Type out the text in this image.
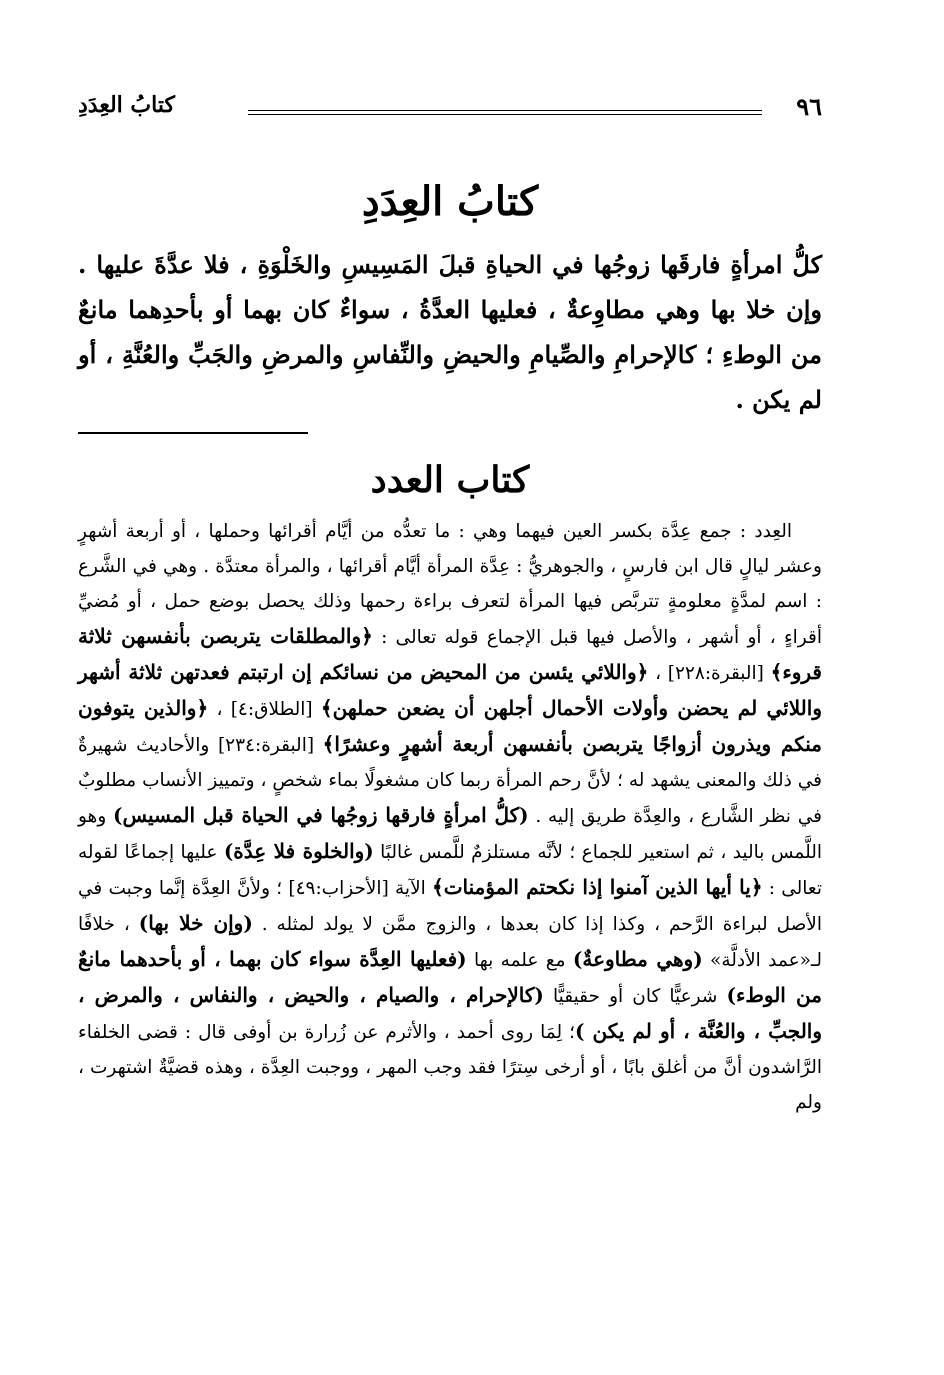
٩٦
كتابُ العِدَدِ
كتابُ العِدَدِ

كلُّ امرأةٍ فارقَها زوجُها في الحياةِ قبلَ المَسِيسِ والخَلْوَةِ ، فلا عدَّةَ عليها . وإن خلا بها وهي مطاوِعةٌ ، فعليها العدَّةُ ، سواءٌ كان بهما أو بأحدِهما مانعٌ من الوطءِ ؛ كالإحرامِ والصِّيامِ والحيضِ والنِّفاسِ والمرضِ والجَبِّ والعُنَّةِ ، أو لم يكن .

كتاب العدد

العِدد : جمع عِدَّة بكسر العين فيهما وهي : ما تعدُّه من أيَّام أقرائها وحملها ، أو أربعة أشهرٍ وعشر ليالٍ قال ابن فارسٍ ، والجوهريُّ : عِدَّة المرأة أيَّام أقرائها ، والمرأة معتدَّة . وهي في الشَّرع : اسم لمدَّةٍ معلومةٍ تتربَّص فيها المرأة لتعرف براءة رحمها وذلك يحصل بوضع حمل ، أو مُضيِّ أقراءٍ ، أو أشهر ، والأصل فيها قبل الإجماع قوله تعالى : ﴿والمطلقات يتربصن بأنفسهن ثلاثة قروء﴾ [البقرة:٢٢٨] ، ﴿واللائي يئسن من المحيض من نسائكم إن ارتبتم فعدتهن ثلاثة أشهر واللائي لم يحضن وأولات الأحمال أجلهن أن يضعن حملهن﴾ [الطلاق:٤] ، ﴿والذين يتوفون منكم ويذرون أزواجًا يتربصن بأنفسهن أربعة أشهرٍ وعشرًا﴾ [البقرة:٢٣٤] والأحاديث شهيرةٌ في ذلك والمعنى يشهد له ؛ لأنَّ رحم المرأة ربما كان مشغولًا بماء شخصٍ ، وتمييز الأنساب مطلوبٌ في نظر الشَّارع ، والعِدَّة طريق إليه . (كلُّ امرأةٍ فارقها زوجُها في الحياة قبل المسيس) وهو اللَّمس باليد ، ثم استعير للجماع ؛ لأنَّه مستلزمٌ للَّمس غالبًا (والخلوة فلا عِدَّة) عليها إجماعًا لقوله تعالى : ﴿يا أيها الذين آمنوا إذا نكحتم المؤمنات﴾ الآية [الأحزاب:٤٩] ؛ ولأنَّ العِدَّة إنَّما وجبت في الأصل لبراءة الرَّحم ، وكذا إذا كان بعدها ، والزوج ممَّن لا يولد لمثله . (وإن خلا بها) ، خلافًا لـ«عمد الأدلَّة» (وهي مطاوعةٌ) مع علمه بها (فعليها العِدَّة سواء كان بهما ، أو بأحدهما مانعٌ من الوطء) شرعيًّا كان أو حقيقيًّا (كالإحرام ، والصيام ، والحيض ، والنفاس ، والمرض ، والجبِّ ، والعُنَّة ، أو لم يكن )؛ لِمَا روى أحمد ، والأثرم عن زُرارة بن أوفى قال : قضى الخلفاء الرَّاشدون أنَّ من أغلق بابًا ، أو أرخى سِترًا فقد وجب المهر ، ووجبت العِدَّة ، وهذه قضيَّةٌ اشتهرت ، ولم
